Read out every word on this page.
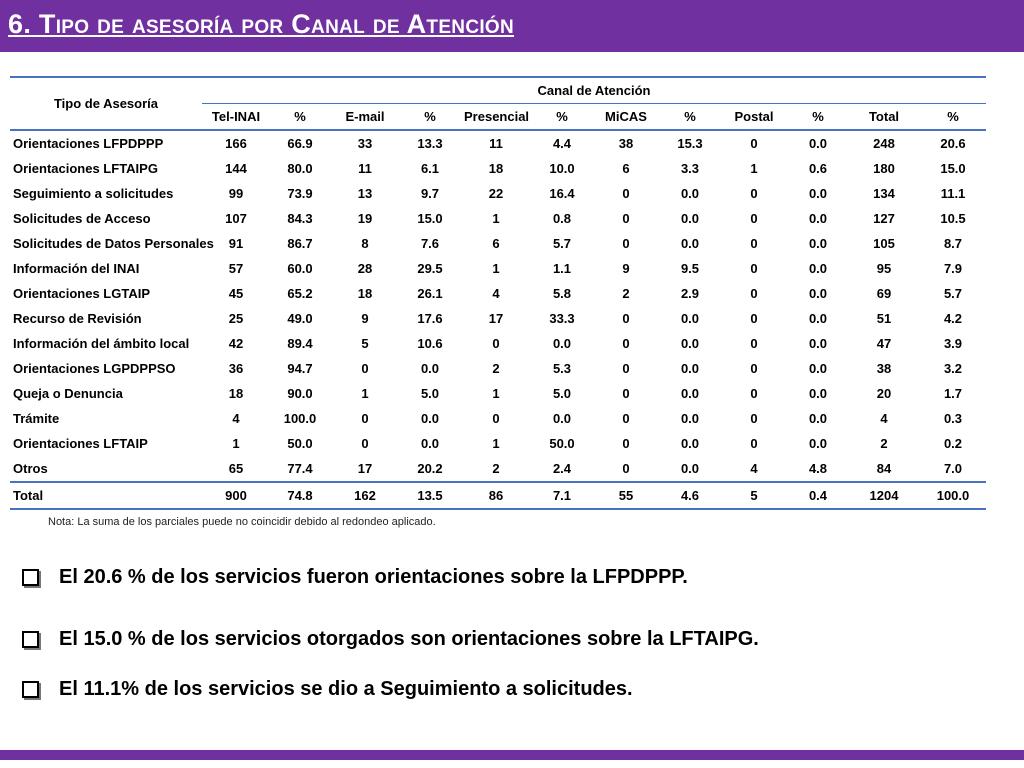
6. Tipo de asesoría por Canal de Atención
Tipo de Asesoría	Canal de Atención											
	Tel-INAI	%	E-mail	%	Presencial	%	MiCAS	%	Postal	%	Total	%
Orientaciones LFPDPPP	166	66.9	33	13.3	11	4.4	38	15.3	0	0.0	248	20.6
Orientaciones LFTAIPG	144	80.0	11	6.1	18	10.0	6	3.3	1	0.6	180	15.0
Seguimiento a solicitudes	99	73.9	13	9.7	22	16.4	0	0.0	0	0.0	134	11.1
Solicitudes de Acceso	107	84.3	19	15.0	1	0.8	0	0.0	0	0.0	127	10.5
Solicitudes de Datos Personales	91	86.7	8	7.6	6	5.7	0	0.0	0	0.0	105	8.7
Información del INAI	57	60.0	28	29.5	1	1.1	9	9.5	0	0.0	95	7.9
Orientaciones LGTAIP	45	65.2	18	26.1	4	5.8	2	2.9	0	0.0	69	5.7
Recurso de Revisión	25	49.0	9	17.6	17	33.3	0	0.0	0	0.0	51	4.2
Información del ámbito local	42	89.4	5	10.6	0	0.0	0	0.0	0	0.0	47	3.9
Orientaciones LGPDPPSO	36	94.7	0	0.0	2	5.3	0	0.0	0	0.0	38	3.2
Queja o Denuncia	18	90.0	1	5.0	1	5.0	0	0.0	0	0.0	20	1.7
Trámite	4	100.0	0	0.0	0	0.0	0	0.0	0	0.0	4	0.3
Orientaciones LFTAIP	1	50.0	0	0.0	1	50.0	0	0.0	0	0.0	2	0.2
Otros	65	77.4	17	20.2	2	2.4	0	0.0	4	4.8	84	7.0
Total	900	74.8	162	13.5	86	7.1	55	4.6	5	0.4	1204	100.0
Nota: La suma de los parciales puede no coincidir debido al redondeo aplicado.
El 20.6 % de los servicios fueron orientaciones sobre la LFPDPPP.
El 15.0 % de los servicios otorgados son orientaciones sobre la LFTAIPG.
El 11.1% de los servicios se dio a Seguimiento a solicitudes.
